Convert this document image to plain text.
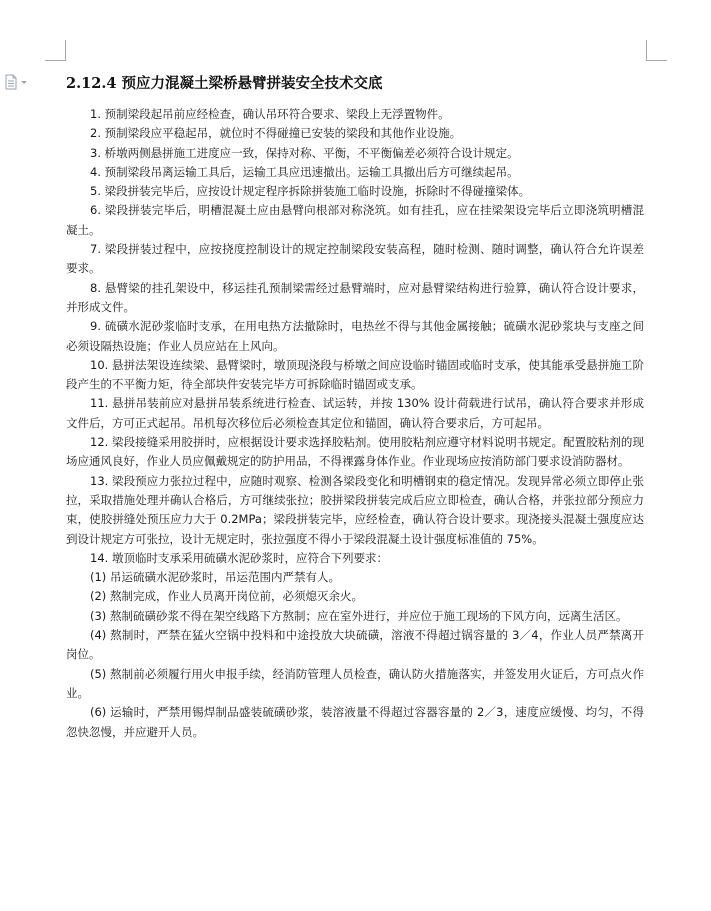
2.12.4 预应力混凝土梁桥悬臂拼装安全技术交底

1. 预制梁段起吊前应经检查，确认吊环符合要求、梁段上无浮置物件。

2. 预制梁段应平稳起吊，就位时不得碰撞已安装的梁段和其他作业设施。

3. 桥墩两侧悬拼施工进度应一致，保持对称、平衡，不平衡偏差必须符合设计规定。

4. 预制梁段吊离运输工具后，运输工具应迅速撤出。运输工具撤出后方可继续起吊。

5. 梁段拼装完毕后，应按设计规定程序拆除拼装施工临时设施，拆除时不得碰撞梁体。

6. 梁段拼装完毕后，明槽混凝土应由悬臂向根部对称浇筑。如有挂孔，应在挂梁架设完毕后立即浇筑明槽混凝土。

7. 梁段拼装过程中，应按挠度控制设计的规定控制梁段安装高程，随时检测、随时调整，确认符合允许误差要求。

8. 悬臂梁的挂孔架设中，移运挂孔预制梁需经过悬臂端时，应对悬臂梁结构进行验算，确认符合设计要求，并形成文件。

9. 硫磺水泥砂浆临时支承，在用电热方法撤除时，电热丝不得与其他金属接触；硫磺水泥砂浆块与支座之间必须设隔热设施；作业人员应站在上风向。

10. 悬拼法架设连续梁、悬臂梁时，墩顶现浇段与桥墩之间应设临时锚固或临时支承，使其能承受悬拼施工阶段产生的不平衡力矩，待全部块件安装完毕方可拆除临时锚固或支承。

11. 悬拼吊装前应对悬拼吊装系统进行检查、试运转，并按 130% 设计荷载进行试吊，确认符合要求并形成文件后，方可正式起吊。吊机每次移位后必须检查其定位和锚固，确认符合要求后，方可起吊。

12. 梁段接缝采用胶拼时，应根据设计要求选择胶粘剂。使用胶粘剂应遵守材料说明书规定。配置胶粘剂的现场应通风良好，作业人员应佩戴规定的防护用品，不得裸露身体作业。作业现场应按消防部门要求设消防器材。

13. 梁段预应力张拉过程中，应随时观察、检测各梁段变化和明槽钢束的稳定情况。发现异常必须立即停止张拉，采取措施处理并确认合格后，方可继续张拉；胶拼梁段拼装完成后应立即检查，确认合格，并张拉部分预应力束，使胶拼缝处预压应力大于 0.2MPa；梁段拼装完毕，应经检查，确认符合设计要求。现浇接头混凝土强度应达到设计规定方可张拉，设计无规定时，张拉强度不得小于梁段混凝土设计强度标准值的 75%。

14. 墩顶临时支承采用硫磺水泥砂浆时，应符合下列要求：

(1) 吊运硫磺水泥砂浆时，吊运范围内严禁有人。

(2) 熬制完成，作业人员离开岗位前，必须熄灭余火。

(3) 熬制硫磺砂浆不得在架空线路下方熬制；应在室外进行，并应位于施工现场的下风方向，远离生活区。

(4) 熬制时，严禁在猛火空锅中投料和中途投放大块硫磺，溶液不得超过锅容量的 3／4，作业人员严禁离开岗位。

(5) 熬制前必须履行用火申报手续，经消防管理人员检查，确认防火措施落实，并签发用火证后，方可点火作业。

(6) 运输时，严禁用锡焊制品盛装硫磺砂浆，装溶液量不得超过容器容量的 2／3，速度应缓慢、均匀，不得忽快忽慢，并应避开人员。
